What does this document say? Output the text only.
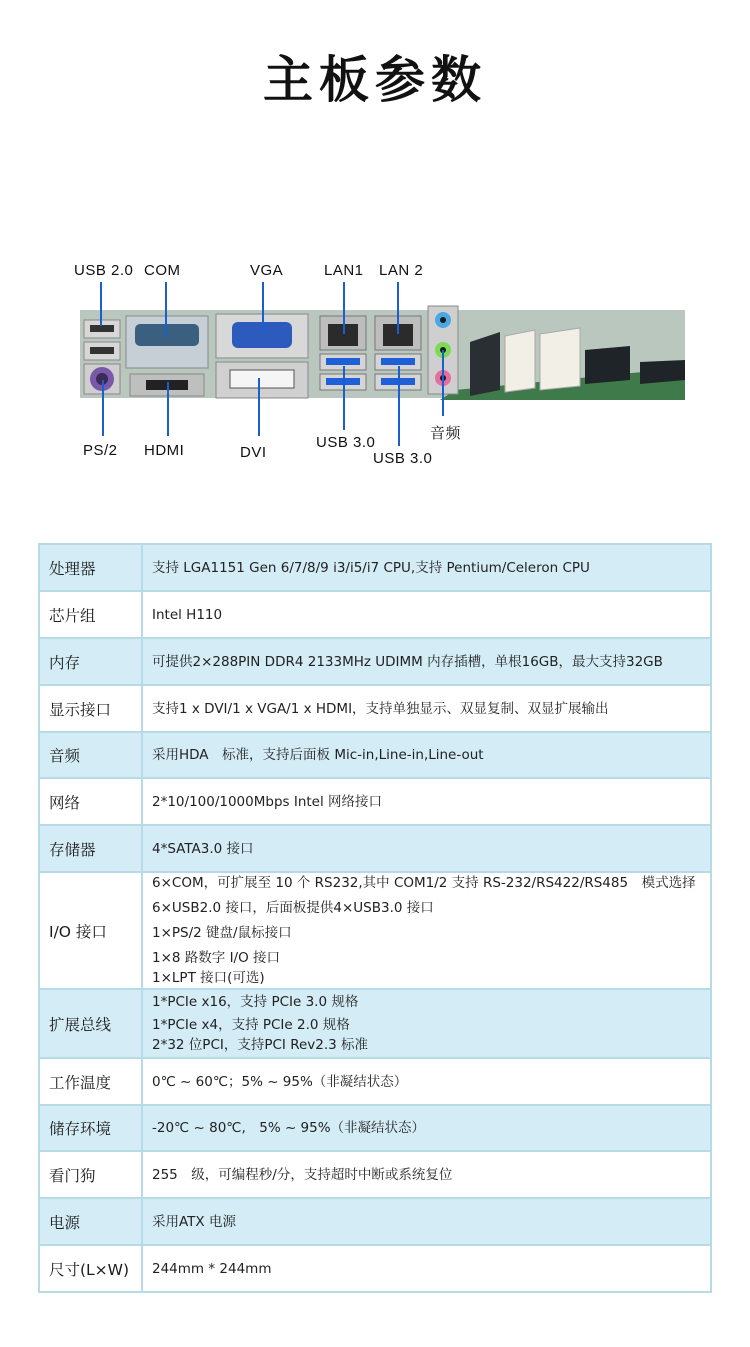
主板参数
USB 2.0 COM	VGA	LAN1 LAN 2
PS/2 HDMI	DVI
USB 3.0
USB 3.0
音频
处理器	支持 LGA1151 Gen 6/7/8/9 i3/i5/i7 CPU,支持 Pentium/Celeron CPU

芯片组	Intel H110

内存	可提供2×288PIN DDR4 2133MHz UDIMM 内存插槽，单根16GB，最大支持32GB

显示接口	支持1 x DVI/1 x VGA/1 x HDMI，支持单独显示、双显复制、双显扩展输出

音频	采用HDA　标准，支持后面板 Mic-in,Line-in,Line-out

网络	2*10/100/1000Mbps Intel 网络接口

存储器	4*SATA3.0 接口

I/O 接口	6×COM，可扩展至 10 个 RS232,其中 COM1/2 支持 RS-232/RS422/RS485　模式选择
6×USB2.0 接口，后面板提供4×USB3.0 接口
1×PS/2 键盘/鼠标接口
1×8 路数字 I/O 接口
1×LPT 接口(可选)

扩展总线	1*PCIe x16，支持 PCIe 3.0 规格
1*PCIe x4，支持 PCIe 2.0 规格
2*32 位PCI，支持PCI Rev2.3 标准

工作温度	0℃ ~ 60℃；5% ~ 95%（非凝结状态）

储存环境	-20℃ ~ 80℃,　5% ~ 95%（非凝结状态）

看门狗	255　级，可编程秒/分，支持超时中断或系统复位

电源	采用ATX 电源

尺寸(L×W)	244mm * 244mm
